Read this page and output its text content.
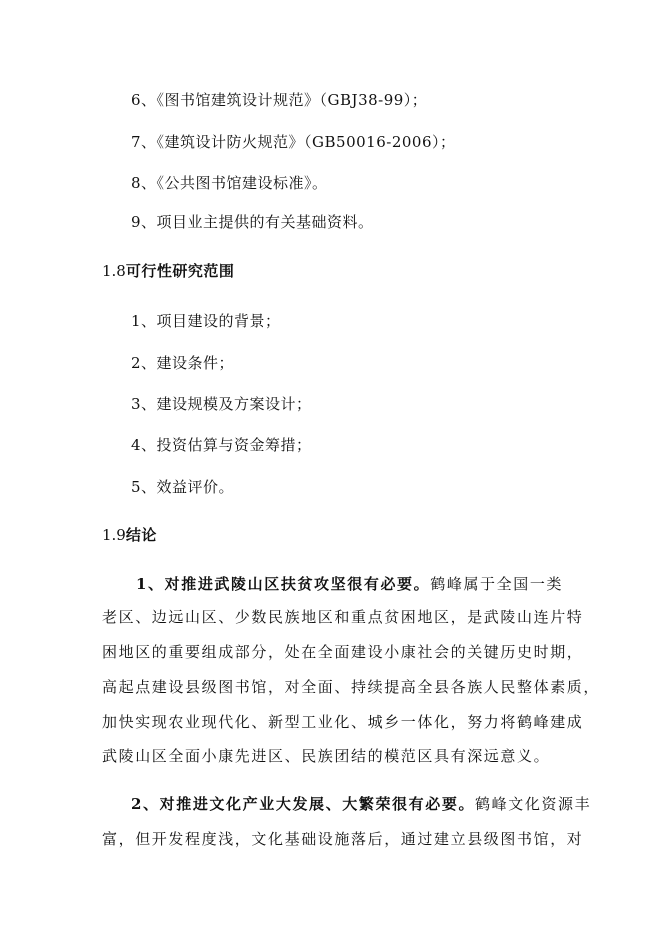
6、《图书馆建筑设计规范》（GBJ38-99）；
7、《建筑设计防火规范》（GB50016-2006）；
8、《公共图书馆建设标准》。
9、项目业主提供的有关基础资料。
1.8可行性研究范围
1、项目建设的背景；
2、建设条件；
3、建设规模及方案设计；
4、投资估算与资金筹措；
5、效益评价。
1.9结论
1、对推进武陵山区扶贫攻坚很有必要。鹤峰属于全国一类
老区、边远山区、少数民族地区和重点贫困地区，是武陵山连片特
困地区的重要组成部分，处在全面建设小康社会的关键历史时期，
高起点建设县级图书馆，对全面、持续提高全县各族人民整体素质，
加快实现农业现代化、新型工业化、城乡一体化，努力将鹤峰建成
武陵山区全面小康先进区、民族团结的模范区具有深远意义。
2、对推进文化产业大发展、大繁荣很有必要。鹤峰文化资源丰
富，但开发程度浅，文化基础设施落后，通过建立县级图书馆，对
